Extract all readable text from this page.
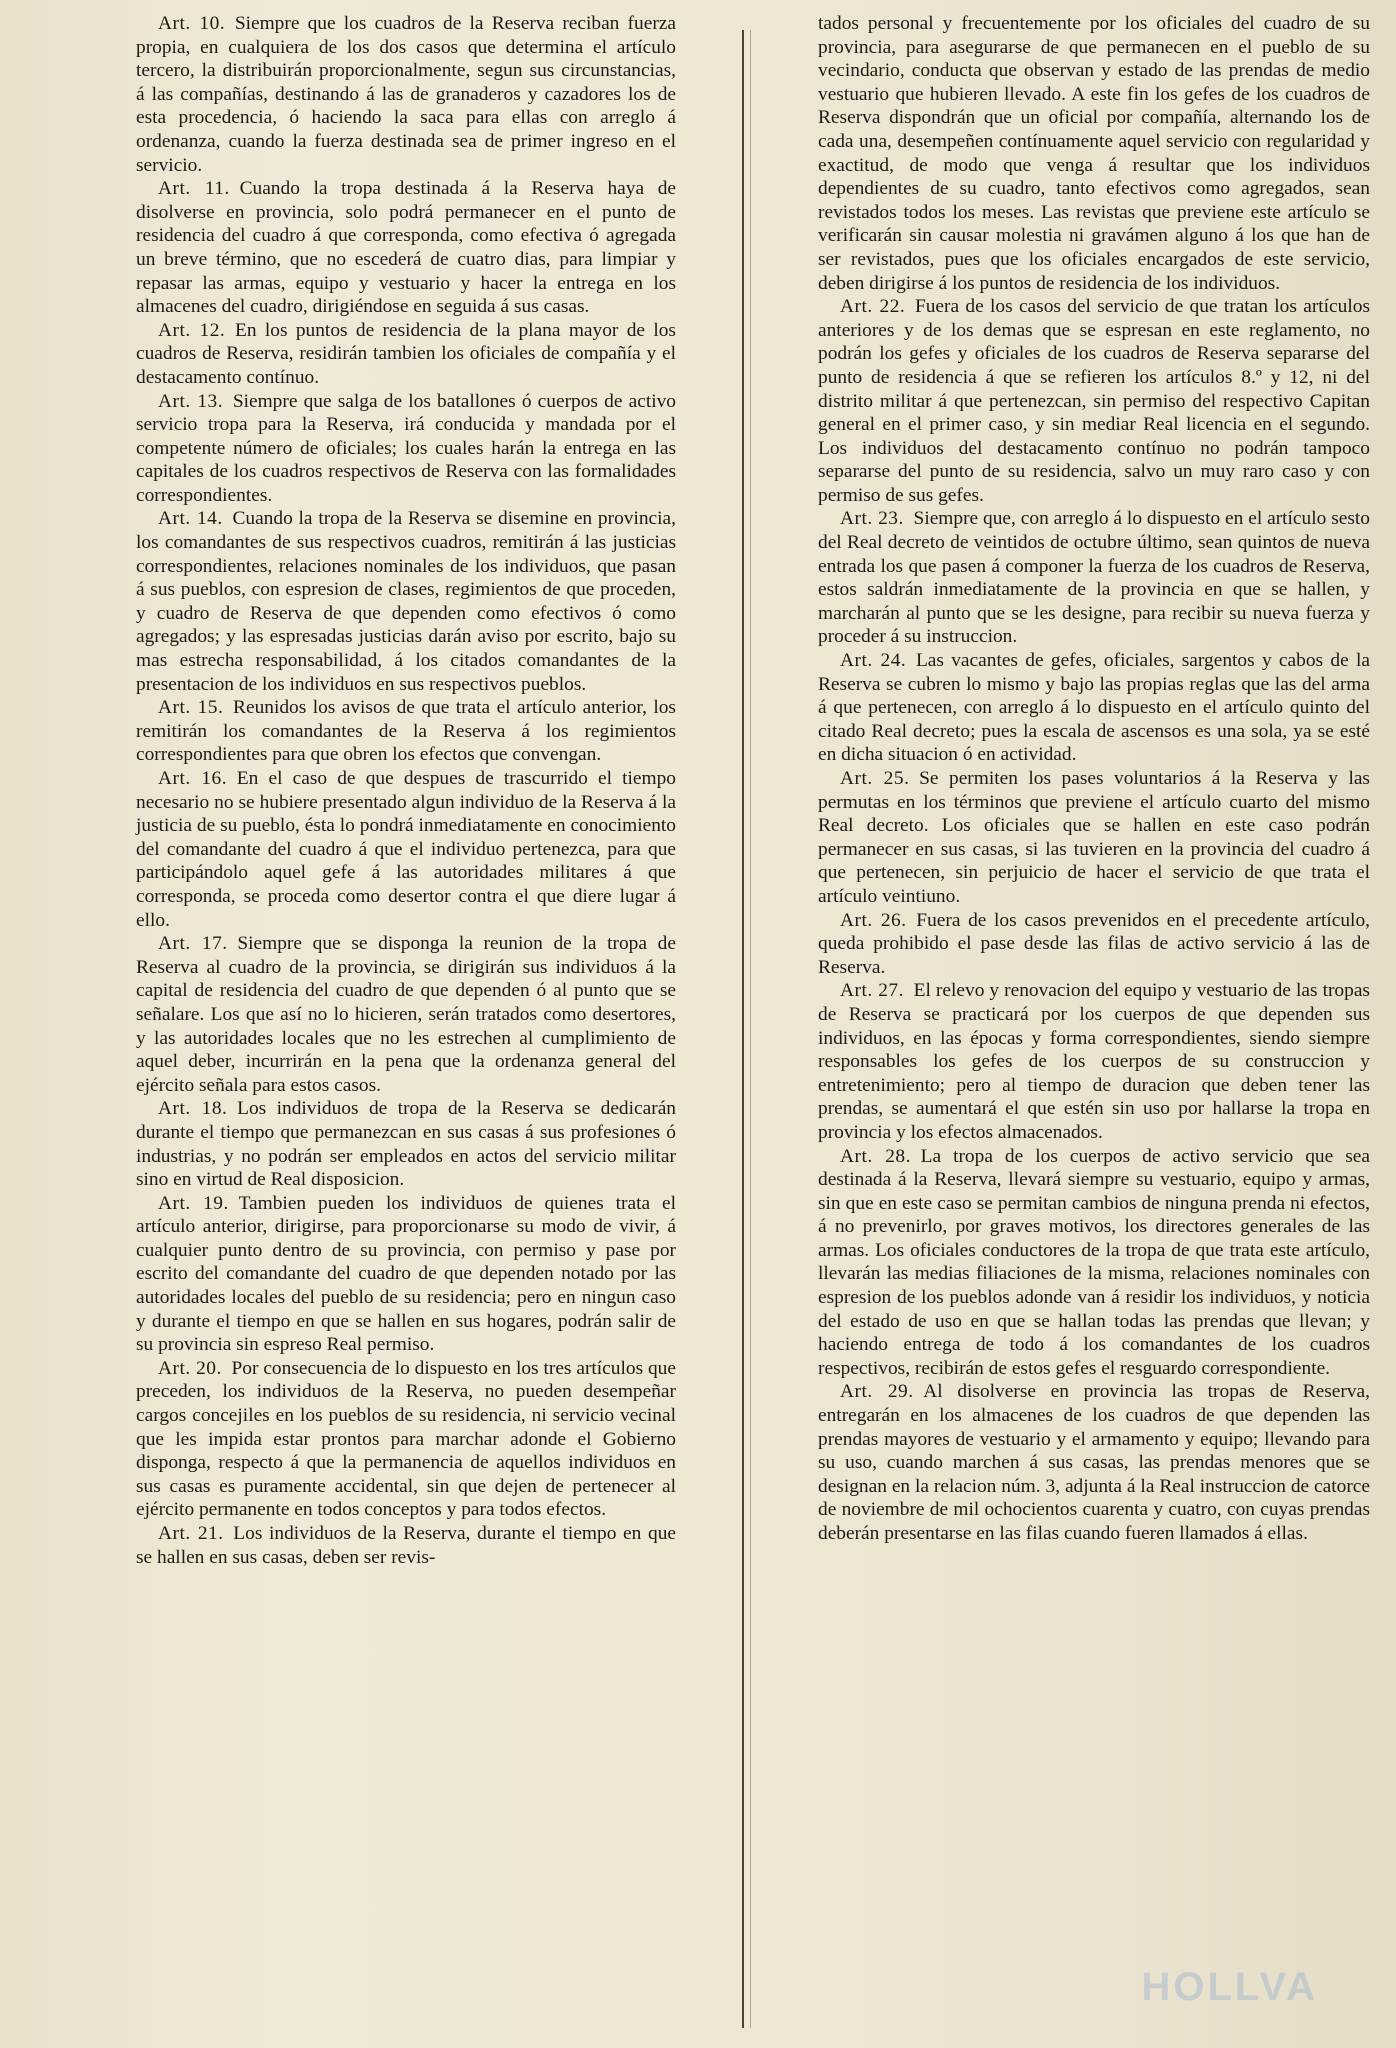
Art. 10.  Siempre que los cuadros de la Reserva reciban fuerza propia, en cualquiera de los dos casos que determina el artículo tercero, la distribuirán proporcionalmente, segun sus circunstancias, á las compañías, destinando á las de granaderos y cazadores los de esta procedencia, ó haciendo la saca para ellas con arreglo á ordenanza, cuando la fuerza destinada sea de primer ingreso en el servicio.

Art. 11.  Cuando la tropa destinada á la Reserva haya de disolverse en provincia, solo podrá permanecer en el punto de residencia del cuadro á que corresponda, como efectiva ó agregada un breve término, que no escederá de cuatro dias, para limpiar y repasar las armas, equipo y vestuario y hacer la entrega en los almacenes del cuadro, dirigiéndose en seguida á sus casas.

Art. 12.  En los puntos de residencia de la plana mayor de los cuadros de Reserva, residirán tambien los oficiales de compañía y el destacamento contínuo.

Art. 13.  Siempre que salga de los batallones ó cuerpos de activo servicio tropa para la Reserva, irá conducida y mandada por el competente número de oficiales; los cuales harán la entrega en las capitales de los cuadros respectivos de Reserva con las formalidades correspondientes.

Art. 14.  Cuando la tropa de la Reserva se disemine en provincia, los comandantes de sus respectivos cuadros, remitirán á las justicias correspondientes, relaciones nominales de los individuos, que pasan á sus pueblos, con espresion de clases, regimientos de que proceden, y cuadro de Reserva de que dependen como efectivos ó como agregados; y las espresadas justicias darán aviso por escrito, bajo su mas estrecha responsabilidad, á los citados comandantes de la presentacion de los individuos en sus respectivos pueblos.

Art. 15.  Reunidos los avisos de que trata el artículo anterior, los remitirán los comandantes de la Reserva á los regimientos correspondientes para que obren los efectos que convengan.

Art. 16.  En el caso de que despues de trascurrido el tiempo necesario no se hubiere presentado algun individuo de la Reserva á la justicia de su pueblo, ésta lo pondrá inmediatamente en conocimiento del comandante del cuadro á que el individuo pertenezca, para que participándolo aquel gefe á las autoridades militares á que corresponda, se proceda como desertor contra el que diere lugar á ello.

Art. 17.  Siempre que se disponga la reunion de la tropa de Reserva al cuadro de la provincia, se dirigirán sus individuos á la capital de residencia del cuadro de que dependen ó al punto que se señalare. Los que así no lo hicieren, serán tratados como desertores, y las autoridades locales que no les estrechen al cumplimiento de aquel deber, incurrirán en la pena que la ordenanza general del ejército señala para estos casos.

Art. 18.  Los individuos de tropa de la Reserva se dedicarán durante el tiempo que permanezcan en sus casas á sus profesiones ó industrias, y no podrán ser empleados en actos del servicio militar sino en virtud de Real disposicion.

Art. 19.  Tambien pueden los individuos de quienes trata el artículo anterior, dirigirse, para proporcionarse su modo de vivir, á cualquier punto dentro de su provincia, con permiso y pase por escrito del comandante del cuadro de que dependen notado por las autoridades locales del pueblo de su residencia; pero en ningun caso y durante el tiempo en que se hallen en sus hogares, podrán salir de su provincia sin espreso Real permiso.

Art. 20.  Por consecuencia de lo dispuesto en los tres artículos que preceden, los individuos de la Reserva, no pueden desempeñar cargos concejiles en los pueblos de su residencia, ni servicio vecinal que les impida estar prontos para marchar adonde el Gobierno disponga, respecto á que la permanencia de aquellos individuos en sus casas es puramente accidental, sin que dejen de pertenecer al ejército permanente en todos conceptos y para todos efectos.

Art. 21.  Los individuos de la Reserva, durante el tiempo en que se hallen en sus casas, deben ser revis-

tados personal y frecuentemente por los oficiales del cuadro de su provincia, para asegurarse de que permanecen en el pueblo de su vecindario, conducta que observan y estado de las prendas de medio vestuario que hubieren llevado. A este fin los gefes de los cuadros de Reserva dispondrán que un oficial por compañía, alternando los de cada una, desempeñen contínuamente aquel servicio con regularidad y exactitud, de modo que venga á resultar que los individuos dependientes de su cuadro, tanto efectivos como agregados, sean revistados todos los meses. Las revistas que previene este artículo se verificarán sin causar molestia ni gravámen alguno á los que han de ser revistados, pues que los oficiales encargados de este servicio, deben dirigirse á los puntos de residencia de los individuos.

Art. 22.  Fuera de los casos del servicio de que tratan los artículos anteriores y de los demas que se espresan en este reglamento, no podrán los gefes y oficiales de los cuadros de Reserva separarse del punto de residencia á que se refieren los artículos 8.º y 12, ni del distrito militar á que pertenezcan, sin permiso del respectivo Capitan general en el primer caso, y sin mediar Real licencia en el segundo. Los individuos del destacamento contínuo no podrán tampoco separarse del punto de su residencia, salvo un muy raro caso y con permiso de sus gefes.

Art. 23.  Siempre que, con arreglo á lo dispuesto en el artículo sesto del Real decreto de veintidos de octubre último, sean quintos de nueva entrada los que pasen á componer la fuerza de los cuadros de Reserva, estos saldrán inmediatamente de la provincia en que se hallen, y marcharán al punto que se les designe, para recibir su nueva fuerza y proceder á su instruccion.

Art. 24.  Las vacantes de gefes, oficiales, sargentos y cabos de la Reserva se cubren lo mismo y bajo las propias reglas que las del arma á que pertenecen, con arreglo á lo dispuesto en el artículo quinto del citado Real decreto; pues la escala de ascensos es una sola, ya se esté en dicha situacion ó en actividad.

Art. 25.  Se permiten los pases voluntarios á la Reserva y las permutas en los términos que previene el artículo cuarto del mismo Real decreto. Los oficiales que se hallen en este caso podrán permanecer en sus casas, si las tuvieren en la provincia del cuadro á que pertenecen, sin perjuicio de hacer el servicio de que trata el artículo veintiuno.

Art. 26.  Fuera de los casos prevenidos en el precedente artículo, queda prohibido el pase desde las filas de activo servicio á las de Reserva.

Art. 27.  El relevo y renovacion del equipo y vestuario de las tropas de Reserva se practicará por los cuerpos de que dependen sus individuos, en las épocas y forma correspondientes, siendo siempre responsables los gefes de los cuerpos de su construccion y entretenimiento; pero al tiempo de duracion que deben tener las prendas, se aumentará el que estén sin uso por hallarse la tropa en provincia y los efectos almacenados.

Art. 28.  La tropa de los cuerpos de activo servicio que sea destinada á la Reserva, llevará siempre su vestuario, equipo y armas, sin que en este caso se permitan cambios de ninguna prenda ni efectos, á no prevenirlo, por graves motivos, los directores generales de las armas. Los oficiales conductores de la tropa de que trata este artículo, llevarán las medias filiaciones de la misma, relaciones nominales con espresion de los pueblos adonde van á residir los individuos, y noticia del estado de uso en que se hallan todas las prendas que llevan; y haciendo entrega de todo á los comandantes de los cuadros respectivos, recibirán de estos gefes el resguardo correspondiente.

Art. 29.  Al disolverse en provincia las tropas de Reserva, entregarán en los almacenes de los cuadros de que dependen las prendas mayores de vestuario y el armamento y equipo; llevando para su uso, cuando marchen á sus casas, las prendas menores que se designan en la relacion núm. 3, adjunta á la Real instruccion de catorce de noviembre de mil ochocientos cuarenta y cuatro, con cuyas prendas deberán presentarse en las filas cuando fueren llamados á ellas.

HOLLVA
